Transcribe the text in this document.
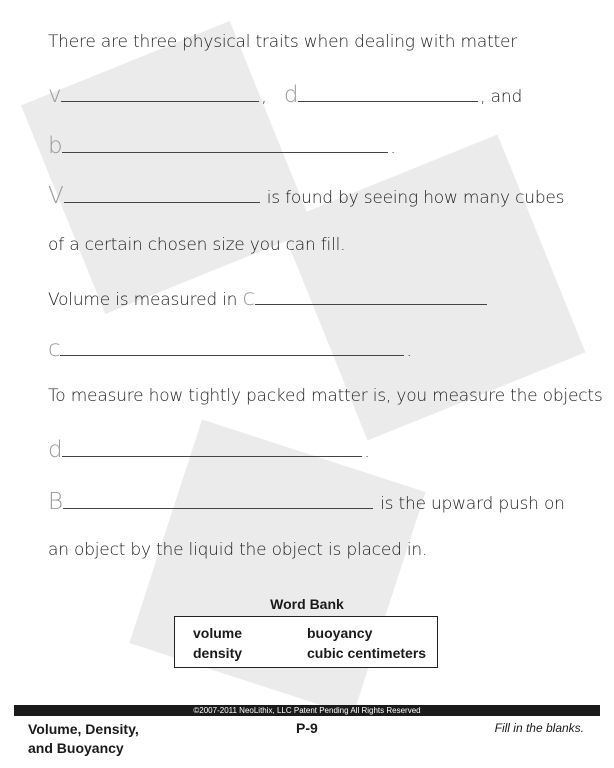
There are three physical traits when dealing with matter
v	, d	, and
b	.
V	is found by seeing how many cubes
of a certain chosen size you can fill.
Volume is measured in c
c	.
To measure how tightly packed matter is, you measure the objects
d	.
B	is the upward push on
an object by the liquid the object is placed in.
Word Bank
volume	buoyancy
density	cubic centimeters
©2007-2011 NeoLithix, LLC Patent Pending All Rights Reserved
Volume, Density,
and Buoyancy
P-9	Fill in the blanks.
